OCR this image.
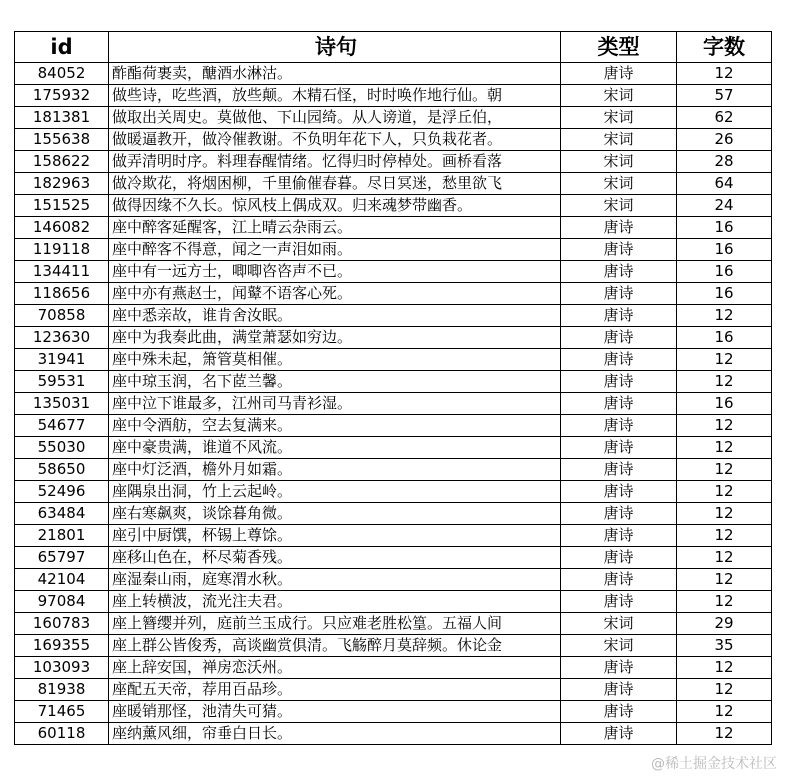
id	诗句	类型	字数
84052	酢酯荷裹卖，醣酒水淋沽。	唐诗	12
175932	做些诗，吃些酒，放些颠。木精石怪，时时唤作地行仙。朝	宋词	57
181381	做取出关周史。莫做他、下山园绮。从人谤道，是浮丘伯，	宋词	62
155638	做暖逼教开，做冷催教谢。不负明年花下人，只负栽花者。	宋词	26
158622	做弄清明时序。料理春醒情绪。忆得归时停棹处。画桥看落	宋词	28
182963	做冷欺花，将烟困柳，千里偷催春暮。尽日冥迷，愁里欲飞	宋词	64
151525	做得因缘不久长。惊风枝上偶成双。归来魂梦带幽香。	宋词	24
146082	座中醉客延醒客，江上晴云杂雨云。	唐诗	16
119118	座中醉客不得意，闻之一声泪如雨。	唐诗	16
134411	座中有一远方士，唧唧咨咨声不已。	唐诗	16
118656	座中亦有燕赵士，闻鼙不语客心死。	唐诗	16
70858	座中悉亲故，谁肯舍汝眠。	唐诗	12
123630	座中为我奏此曲，满堂萧瑟如穷边。	唐诗	16
31941	座中殊未起，箫管莫相催。	唐诗	12
59531	座中琼玉润，名下茝兰馨。	唐诗	12
135031	座中泣下谁最多，江州司马青衫湿。	唐诗	16
54677	座中令酒舫，空去复满来。	唐诗	12
55030	座中豪贵满，谁道不风流。	唐诗	12
58650	座中灯泛酒，檐外月如霜。	唐诗	12
52496	座隅泉出洞，竹上云起岭。	唐诗	12
63484	座右寒飙爽，谈馀暮角微。	唐诗	12
21801	座引中厨馔，杯锡上尊馀。	唐诗	12
65797	座移山色在，杯尽菊香残。	唐诗	12
42104	座湿秦山雨，庭寒渭水秋。	唐诗	12
97084	座上转横波，流光注夫君。	唐诗	12
160783	座上簪缨并列，庭前兰玉成行。只应难老胜松篁。五福人间	宋词	29
169355	座上群公皆俊秀，高谈幽赏俱清。飞觞醉月莫辞频。休论金	宋词	35
103093	座上辞安国，禅房恋沃州。	唐诗	12
81938	座配五天帝，荐用百品珍。	唐诗	12
71465	座暖销那怪，池清失可猜。	唐诗	12
60118	座纳薰风细，帘垂白日长。	唐诗	12
@稀土掘金技术社区
